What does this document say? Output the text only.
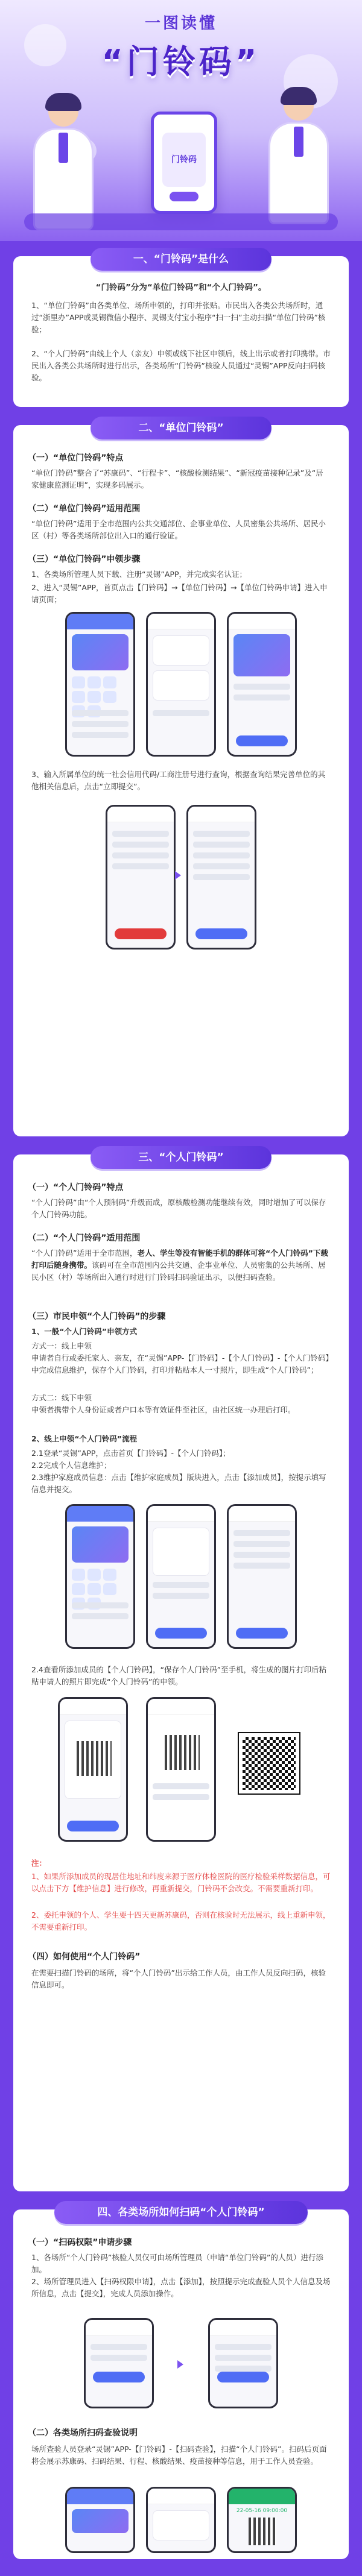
一图读懂
“门铃码”
门铃码
一、“门铃码”是什么
“门铃码”分为“单位门铃码”和“个人门铃码”。
1、“单位门铃码”由各类单位、场所申领的，打印并张贴。市民出入各类公共场所时，通过“浙里办”APP或灵锡微信小程序、灵锡支付宝小程序“扫一扫”主动扫描“单位门铃码”核验；
2、“个人门铃码”由线上个人（亲友）申领或线下社区申领后，线上出示或者打印携带。市民出入各类公共场所时进行出示，各类场所“门铃码”核验人员通过“灵锡”APP反向扫码核验。
二、“单位门铃码”
（一）“单位门铃码”特点
“单位门铃码”整合了“苏康码”、“行程卡”、“核酸检测结果”、“新冠疫苗接种记录”及“居家健康监测证明”，实现多码展示。
（二）“单位门铃码”适用范围
“单位门铃码”适用于全市范围内公共交通部位、企事业单位、人员密集公共场所、居民小区（村）等各类场所部位出入口的通行验证。
（三）“单位门铃码”申领步骤
1、各类场所管理人员下载、注册“灵锡”APP，并完成实名认证；
2、进入“灵锡”APP，首页点击【门铃码】→【单位门铃码】→【单位门铃码申请】进入申请页面；
3、输入所属单位的统一社会信用代码/工商注册号进行查询，根据查询结果完善单位的其他相关信息后，点击“立即提交”。
三、“个人门铃码”
（一）“个人门铃码”特点
“个人门铃码”由“个人预制码”升级而成，原核酸检测功能继续有效，同时增加了可以保存个人门铃码功能。
（二）“个人门铃码”适用范围
“个人门铃码”适用于全市范围，老人、学生等没有智能手机的群体可将“个人门铃码”下载打印后随身携带。该码可在全市范围内公共交通、企事业单位、人员密集的公共场所、居民小区（村）等场所出入通行时进行门铃码扫码验证出示，以便扫码查验。
（三）市民申领“个人门铃码”的步骤
1、一般“个人门铃码”申领方式
方式一：线上申领
申请者自行或委托家人、亲友，在“灵锡”APP-【门铃码】-【个人门铃码】-【个人门铃码】中完成信息维护，保存个人门铃码，打印并粘贴本人一寸照片，即生成“个人门铃码”；
方式二：线下申领
申领者携带个人身份证或者户口本等有效证件至社区，由社区统一办理后打印。
2、线上申领“个人门铃码”流程
2.1登录“灵锡”APP，点击首页【门铃码】-【个人门铃码】；
2.2完成个人信息维护；
2.3维护家庭成员信息：点击【维护家庭成员】版块进入，点击【添加成员】，按提示填写信息并提交。
2.4查看所添加成员的【个人门铃码】，“保存个人门铃码”至手机，将生成的图片打印后粘贴申请人的照片即完成“个人门铃码”的申领。
注：
1、如果所添加成员的现居住地址和纬度来源于医疗体检医院的医疗检验采样数据信息，可以点击下方【维护信息】进行修改，再重新提交，门铃码不会改变。不需要重新打印。
2、委托申领的个人、学生要十四天更新苏康码，否则在核验时无法展示，线上重新申领，不需要重新打印。
（四）如何使用“个人门铃码”
在需要扫描门铃码的场所，将“个人门铃码”出示给工作人员，由工作人员反向扫码，核验信息即可。
四、各类场所如何扫码“个人门铃码”
（一）“扫码权限”申请步骤
1、各场所“个人门铃码”核验人员仅可由场所管理员（申请“单位门铃码”的人员）进行添加。
2、场所管理员进入【扫码权限申请】，点击【添加】，按照提示完成查验人员个人信息及场所信息，点击【提交】，完成人员添加操作。
（二）各类场所扫码查验说明
场所查验人员登录“灵锡”APP-【门铃码】-【扫码查验】，扫描“个人门铃码”。扫码后页面将会展示苏康码、扫码结果、行程、核酸结果、疫苗接种等信息，用于工作人员查验。
22-05-16 09:00:00
